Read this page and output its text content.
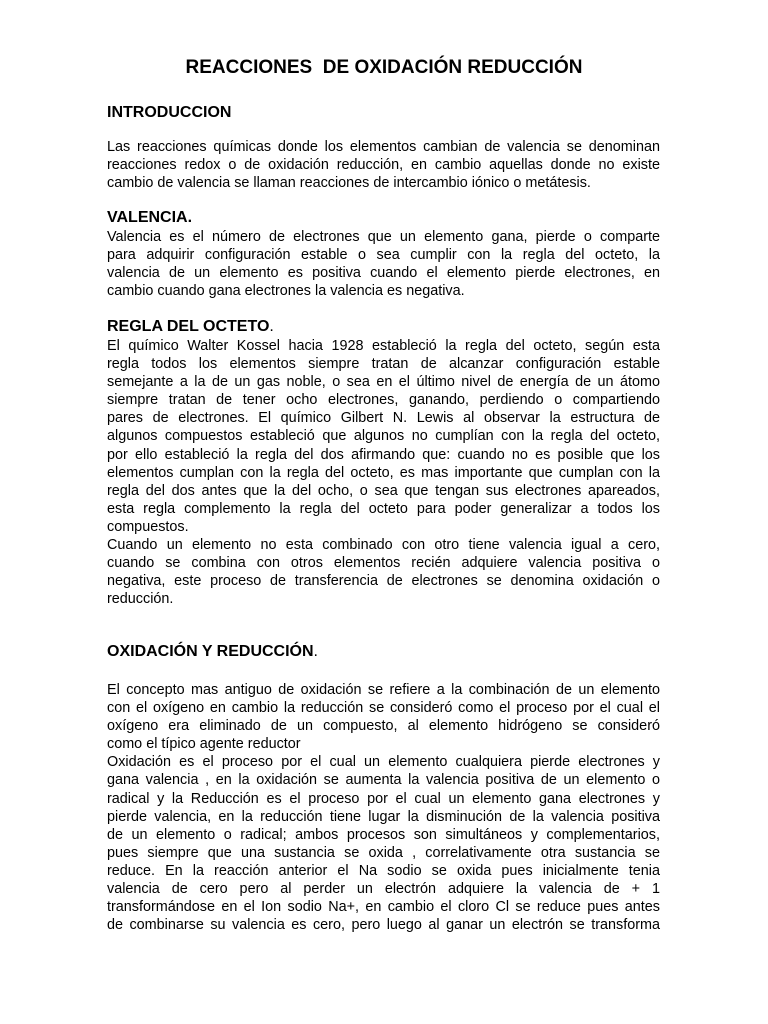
REACCIONES  DE OXIDACIÓN REDUCCIÓN
INTRODUCCION
Las reacciones químicas donde los elementos cambian de valencia se denominan
reacciones redox o de oxidación reducción, en cambio aquellas donde no existe
cambio de valencia se llaman reacciones de intercambio iónico o metátesis.
VALENCIA.
Valencia es el número de electrones que un elemento gana, pierde o comparte
para adquirir configuración estable o sea cumplir con la regla del octeto, la
valencia de un elemento es positiva cuando el elemento pierde electrones, en
cambio cuando gana electrones la valencia es negativa.
REGLA DEL OCTETO.
El químico Walter Kossel hacia 1928 estableció la regla del octeto, según esta
regla todos los elementos siempre tratan de alcanzar configuración estable
semejante a la de un gas noble, o sea en el último nivel de energía de un átomo
siempre tratan de tener ocho electrones, ganando, perdiendo o compartiendo
pares de electrones. El químico Gilbert N. Lewis al observar la estructura de
algunos compuestos estableció que algunos no cumplían con la regla del octeto,
por ello estableció la regla del dos afirmando que: cuando no es posible que los
elementos cumplan con la regla del octeto, es mas importante que cumplan con la
regla del dos antes que la del ocho, o sea que tengan sus electrones apareados,
esta regla complemento la regla del octeto para poder generalizar a todos los
compuestos.
Cuando un elemento no esta combinado con otro tiene valencia igual a cero,
cuando se combina con otros elementos recién adquiere valencia positiva o
negativa, este proceso de transferencia de electrones se denomina oxidación o
reducción.
OXIDACIÓN Y REDUCCIÓN.
El concepto mas antiguo de oxidación se refiere a la combinación de un elemento
con el oxígeno en cambio la reducción se consideró como el proceso por el cual el
oxígeno era eliminado de un compuesto, al elemento hidrógeno se consideró
como el típico agente reductor
Oxidación es el proceso por el cual un elemento cualquiera pierde electrones y
gana valencia , en la oxidación se aumenta la valencia positiva de un elemento o
radical y la Reducción es el proceso por el cual un elemento gana electrones y
pierde valencia, en la reducción tiene lugar la disminución de la valencia positiva
de un elemento o radical; ambos procesos son simultáneos y complementarios,
pues siempre que una sustancia se oxida , correlativamente otra sustancia se
reduce. En la reacción anterior el Na sodio se oxida pues inicialmente tenia
valencia de cero pero al perder un electrón adquiere la valencia de + 1
transformándose en el Ion sodio Na+, en cambio el cloro Cl se reduce pues antes
de combinarse su valencia es cero, pero luego al ganar un electrón se transforma
